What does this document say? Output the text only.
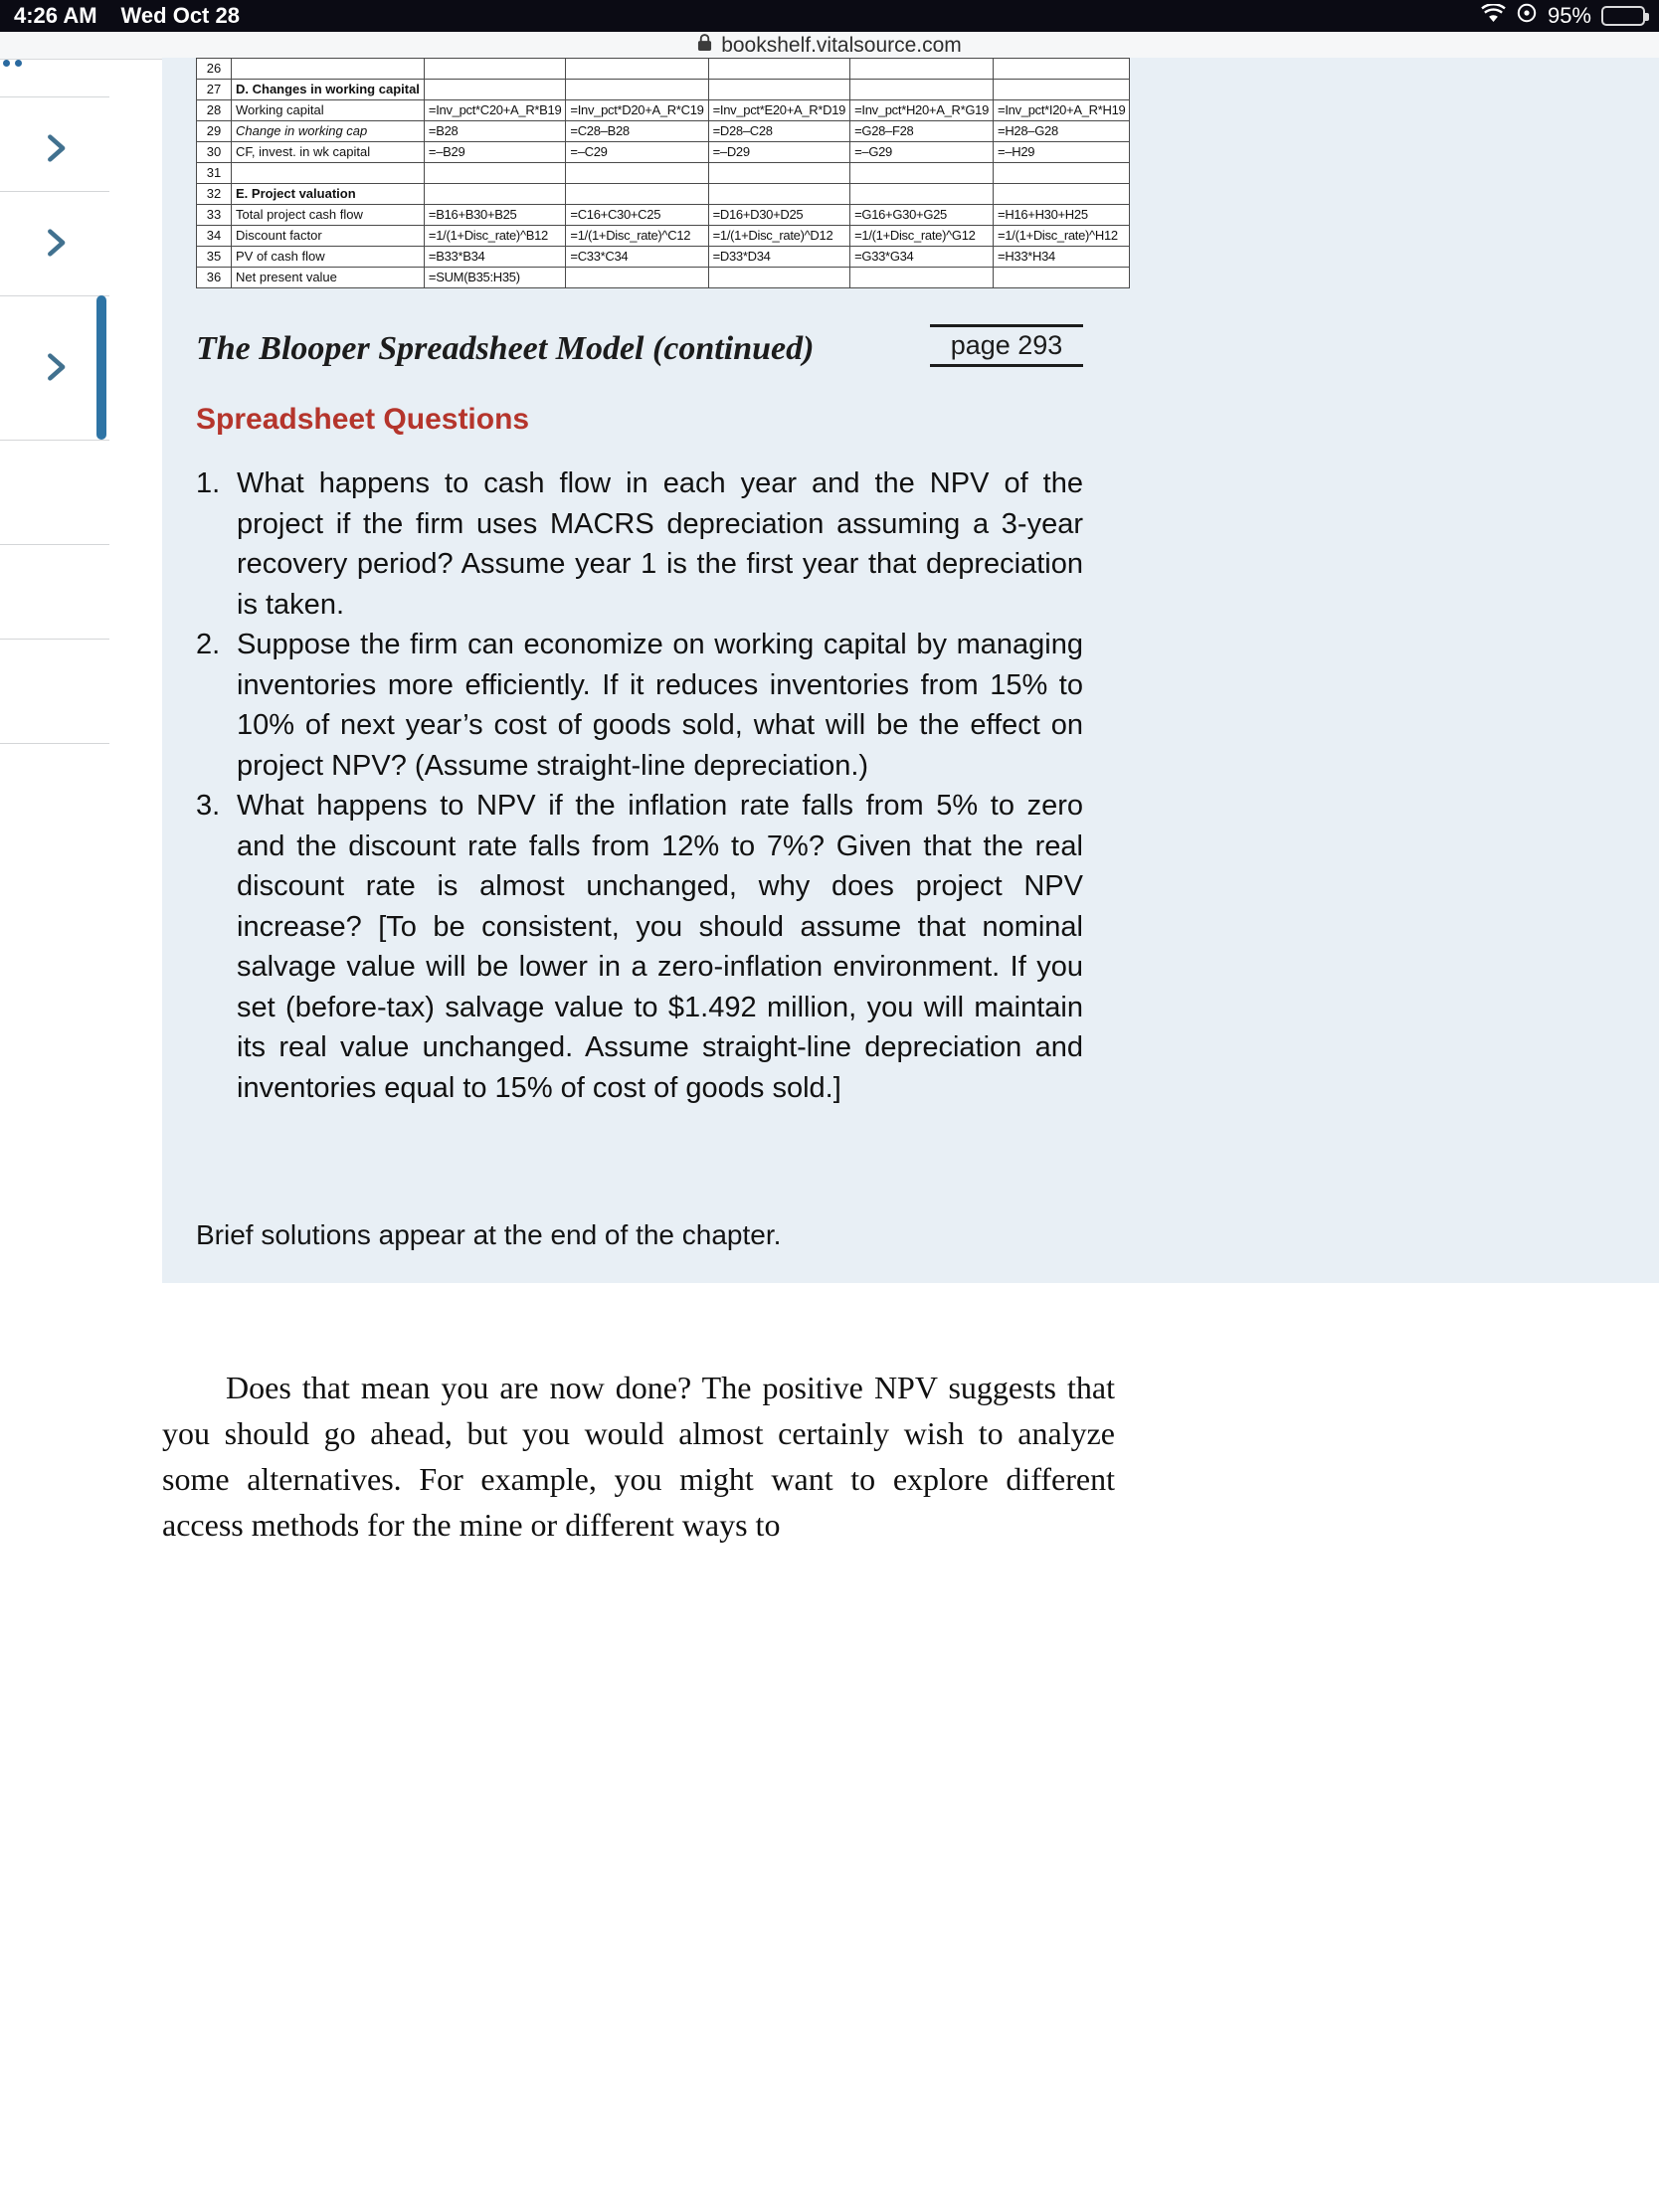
4:26 AM Wed Oct 28	95%
bookshelf.vitalsource.com
26						
27	D. Changes in working capital					
28	Working capital	=Inv_pct*C20+A_R*B19	=Inv_pct*D20+A_R*C19	=Inv_pct*E20+A_R*D19	=Inv_pct*H20+A_R*G19	=Inv_pct*I20+A_R*H19
29	Change in working cap	=B28	=C28–B28	=D28–C28	=G28–F28	=H28–G28
30	CF, invest. in wk capital	=–B29	=–C29	=–D29	=–G29	=–H29
31						
32	E. Project valuation					
33	Total project cash flow	=B16+B30+B25	=C16+C30+C25	=D16+D30+D25	=G16+G30+G25	=H16+H30+H25
34	Discount factor	=1/(1+Disc_rate)^B12	=1/(1+Disc_rate)^C12	=1/(1+Disc_rate)^D12	=1/(1+Disc_rate)^G12	=1/(1+Disc_rate)^H12
35	PV of cash flow	=B33*B34	=C33*C34	=D33*D34	=G33*G34	=H33*H34
36	Net present value	=SUM(B35:H35)				
The Blooper Spreadsheet Model (continued)	page 293
Spreadsheet Questions
1. What happens to cash flow in each year and the NPV of the project if the firm uses MACRS depreciation assuming a 3-year recovery period? Assume year 1 is the first year that depreciation is taken.
2. Suppose the firm can economize on working capital by managing inventories more efficiently. If it reduces inventories from 15% to 10% of next year’s cost of goods sold, what will be the effect on project NPV? (Assume straight-line depreciation.)
3. What happens to NPV if the inflation rate falls from 5% to zero and the discount rate falls from 12% to 7%? Given that the real discount rate is almost unchanged, why does project NPV increase? [To be consistent, you should assume that nominal salvage value will be lower in a zero-inflation environment. If you set (before-tax) salvage value to $1.492 million, you will maintain its real value unchanged. Assume straight-line depreciation and inventories equal to 15% of cost of goods sold.]
Brief solutions appear at the end of the chapter.
Does that mean you are now done? The positive NPV suggests that you should go ahead, but you would almost certainly wish to analyze some alternatives. For example, you might want to explore different access methods for the mine or different ways to
